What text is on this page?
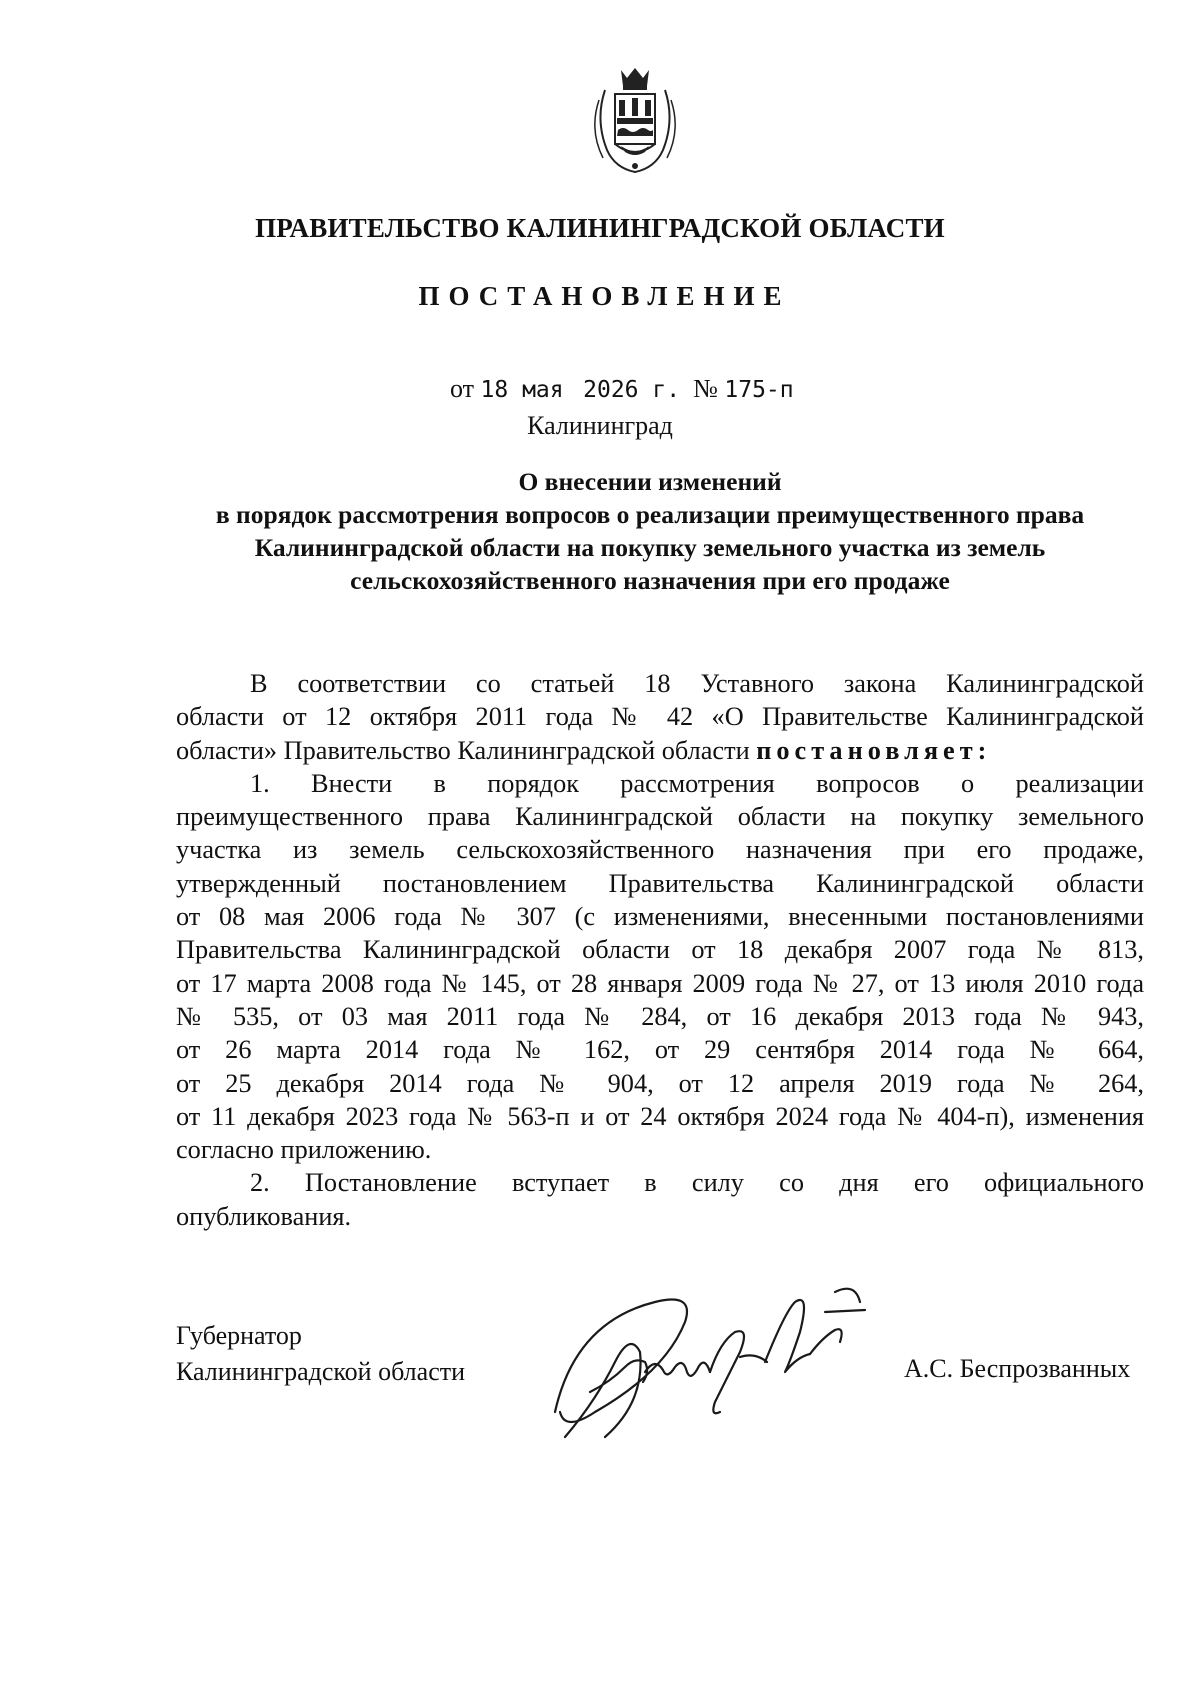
ПРАВИТЕЛЬСТВО КАЛИНИНГРАДСКОЙ ОБЛАСТИ
ПОСТАНОВЛЕНИЕ
от 18 мая 2026 г. № 175-п
Калининград
О внесении изменений
в порядок рассмотрения вопросов о реализации преимущественного права
Калининградской области на покупку земельного участка из земель
сельскохозяйственного назначения при его продаже
В соответствии со статьей 18 Уставного закона Калининградской
области от 12 октября 2011 года № 42 «О Правительстве Калининградской
области» Правительство Калининградской области постановляет:
1. Внести в порядок рассмотрения вопросов о реализации
преимущественного права Калининградской области на покупку земельного
участка из земель сельскохозяйственного назначения при его продаже,
утвержденный постановлением Правительства Калининградской области
от 08 мая 2006 года № 307 (с изменениями, внесенными постановлениями
Правительства Калининградской области от 18 декабря 2007 года № 813,
от 17 марта 2008 года № 145, от 28 января 2009 года № 27, от 13 июля 2010 года
№ 535, от 03 мая 2011 года № 284, от 16 декабря 2013 года № 943,
от 26 марта 2014 года № 162, от 29 сентября 2014 года № 664,
от 25 декабря 2014 года № 904, от 12 апреля 2019 года № 264,
от 11 декабря 2023 года № 563-п и от 24 октября 2024 года № 404-п), изменения
согласно приложению.
2. Постановление вступает в силу со дня его официального
опубликования.
Губернатор
Калининградской области	А.С. Беспрозванных
